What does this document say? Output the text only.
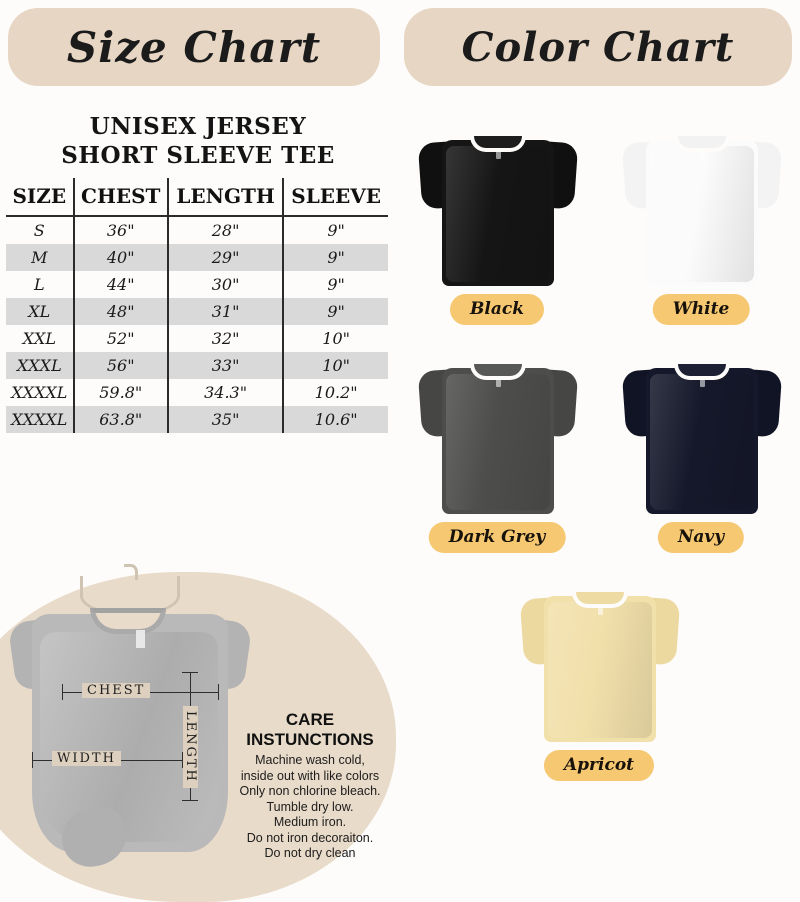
Size Chart	Color Chart
UNISEX JERSEY
SHORT SLEEVE TEE
SIZE	CHEST	LENGTH	SLEEVE
S	36"	28"	9"
M	40"	29"	9"
L	44"	30"	9"
XL	48"	31"	9"
XXL	52"	32"	10"
XXXL	56"	33"	10"
XXXXL	59.8"	34.3"	10.2"
XXXXL	63.8"	35"	10.6"
CHEST
WIDTH	LENGTH	CARE INSTUNCTIONS
Machine wash cold,
inside out with like colors
Only non chlorine bleach.
Tumble dry low.
Medium iron.
Do not iron decoraiton.
Do not dry clean
Black	White
Dark Grey	Navy
Apricot
